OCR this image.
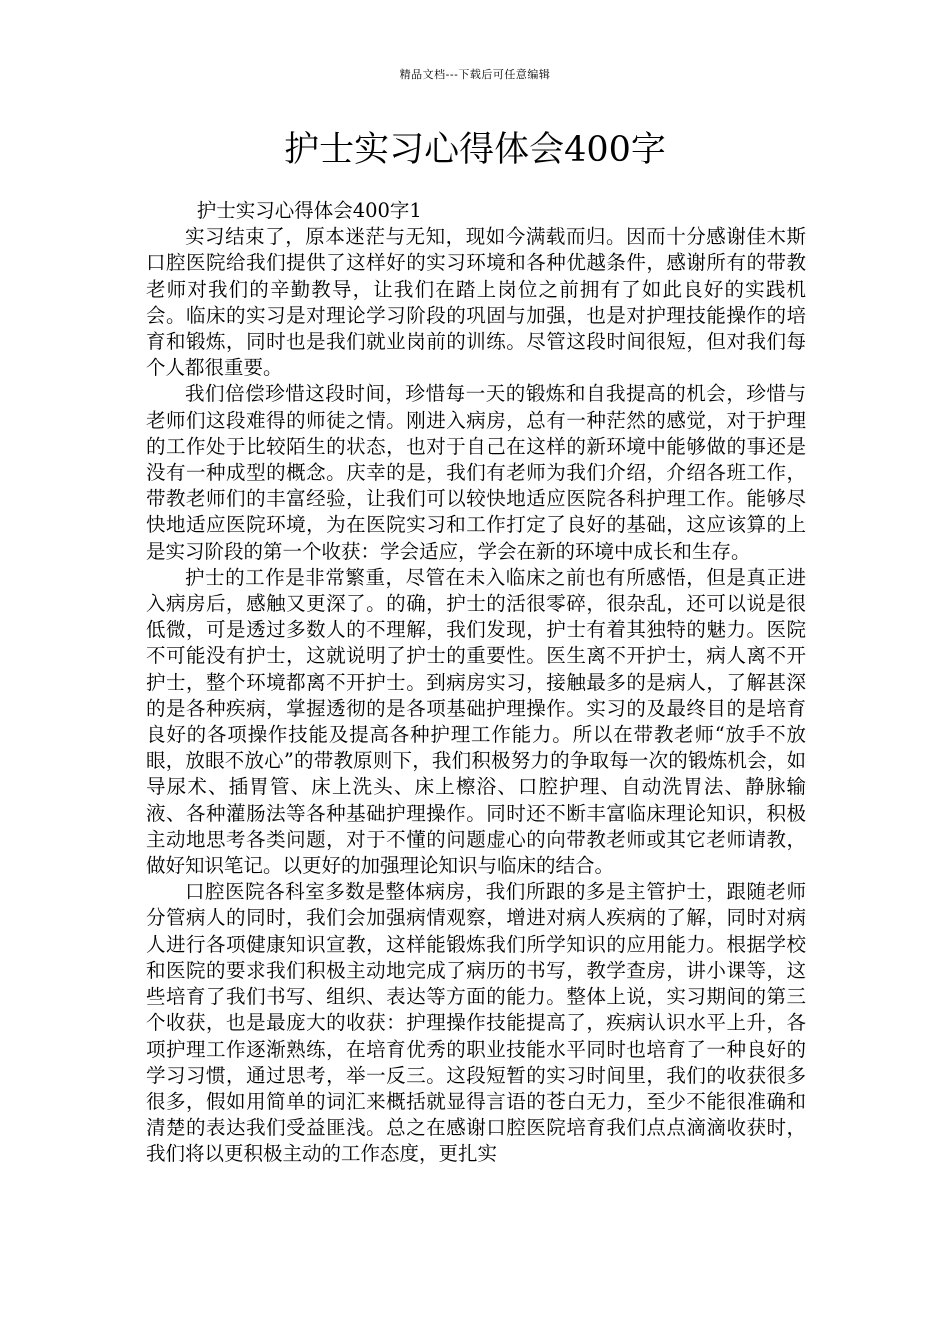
精品文档---下载后可任意编辑
护士实习心得体会400字

护士实习心得体会400字1

实习结束了，原本迷茫与无知，现如今满载而归。因而十分感谢佳木斯口腔医院给我们提供了这样好的实习环境和各种优越条件，感谢所有的带教老师对我们的辛勤教导，让我们在踏上岗位之前拥有了如此良好的实践机会。临床的实习是对理论学习阶段的巩固与加强，也是对护理技能操作的培育和锻炼，同时也是我们就业岗前的训练。尽管这段时间很短，但对我们每个人都很重要。

我们倍偿珍惜这段时间，珍惜每一天的锻炼和自我提高的机会，珍惜与老师们这段难得的师徒之情。刚进入病房，总有一种茫然的感觉，对于护理的工作处于比较陌生的状态，也对于自己在这样的新环境中能够做的事还是没有一种成型的概念。庆幸的是，我们有老师为我们介绍，介绍各班工作，带教老师们的丰富经验，让我们可以较快地适应医院各科护理工作。能够尽快地适应医院环境，为在医院实习和工作打定了良好的基础，这应该算的上是实习阶段的第一个收获：学会适应，学会在新的环境中成长和生存。

护士的工作是非常繁重，尽管在未入临床之前也有所感悟，但是真正进入病房后，感触又更深了。的确，护士的活很零碎，很杂乱，还可以说是很低微，可是透过多数人的不理解，我们发现，护士有着其独特的魅力。医院不可能没有护士，这就说明了护士的重要性。医生离不开护士，病人离不开护士，整个环境都离不开护士。到病房实习，接触最多的是病人，了解甚深的是各种疾病，掌握透彻的是各项基础护理操作。实习的及最终目的是培育良好的各项操作技能及提高各种护理工作能力。所以在带教老师“放手不放眼，放眼不放心”的带教原则下，我们积极努力的争取每一次的锻炼机会，如导尿术、插胃管、床上洗头、床上檫浴、口腔护理、自动洗胃法、静脉输液、各种灌肠法等各种基础护理操作。同时还不断丰富临床理论知识，积极主动地思考各类问题，对于不懂的问题虚心的向带教老师或其它老师请教，做好知识笔记。以更好的加强理论知识与临床的结合。

口腔医院各科室多数是整体病房，我们所跟的多是主管护士，跟随老师分管病人的同时，我们会加强病情观察，增进对病人疾病的了解，同时对病人进行各项健康知识宣教，这样能锻炼我们所学知识的应用能力。根据学校和医院的要求我们积极主动地完成了病历的书写，教学查房，讲小课等，这些培育了我们书写、组织、表达等方面的能力。整体上说，实习期间的第三个收获，也是最庞大的收获：护理操作技能提高了，疾病认识水平上升，各项护理工作逐渐熟练，在培育优秀的职业技能水平同时也培育了一种良好的学习习惯，通过思考，举一反三。这段短暂的实习时间里，我们的收获很多很多，假如用简单的词汇来概括就显得言语的苍白无力，至少不能很准确和清楚的表达我们受益匪浅。总之在感谢口腔医院培育我们点点滴滴收获时，我们将以更积极主动的工作态度，更扎实
